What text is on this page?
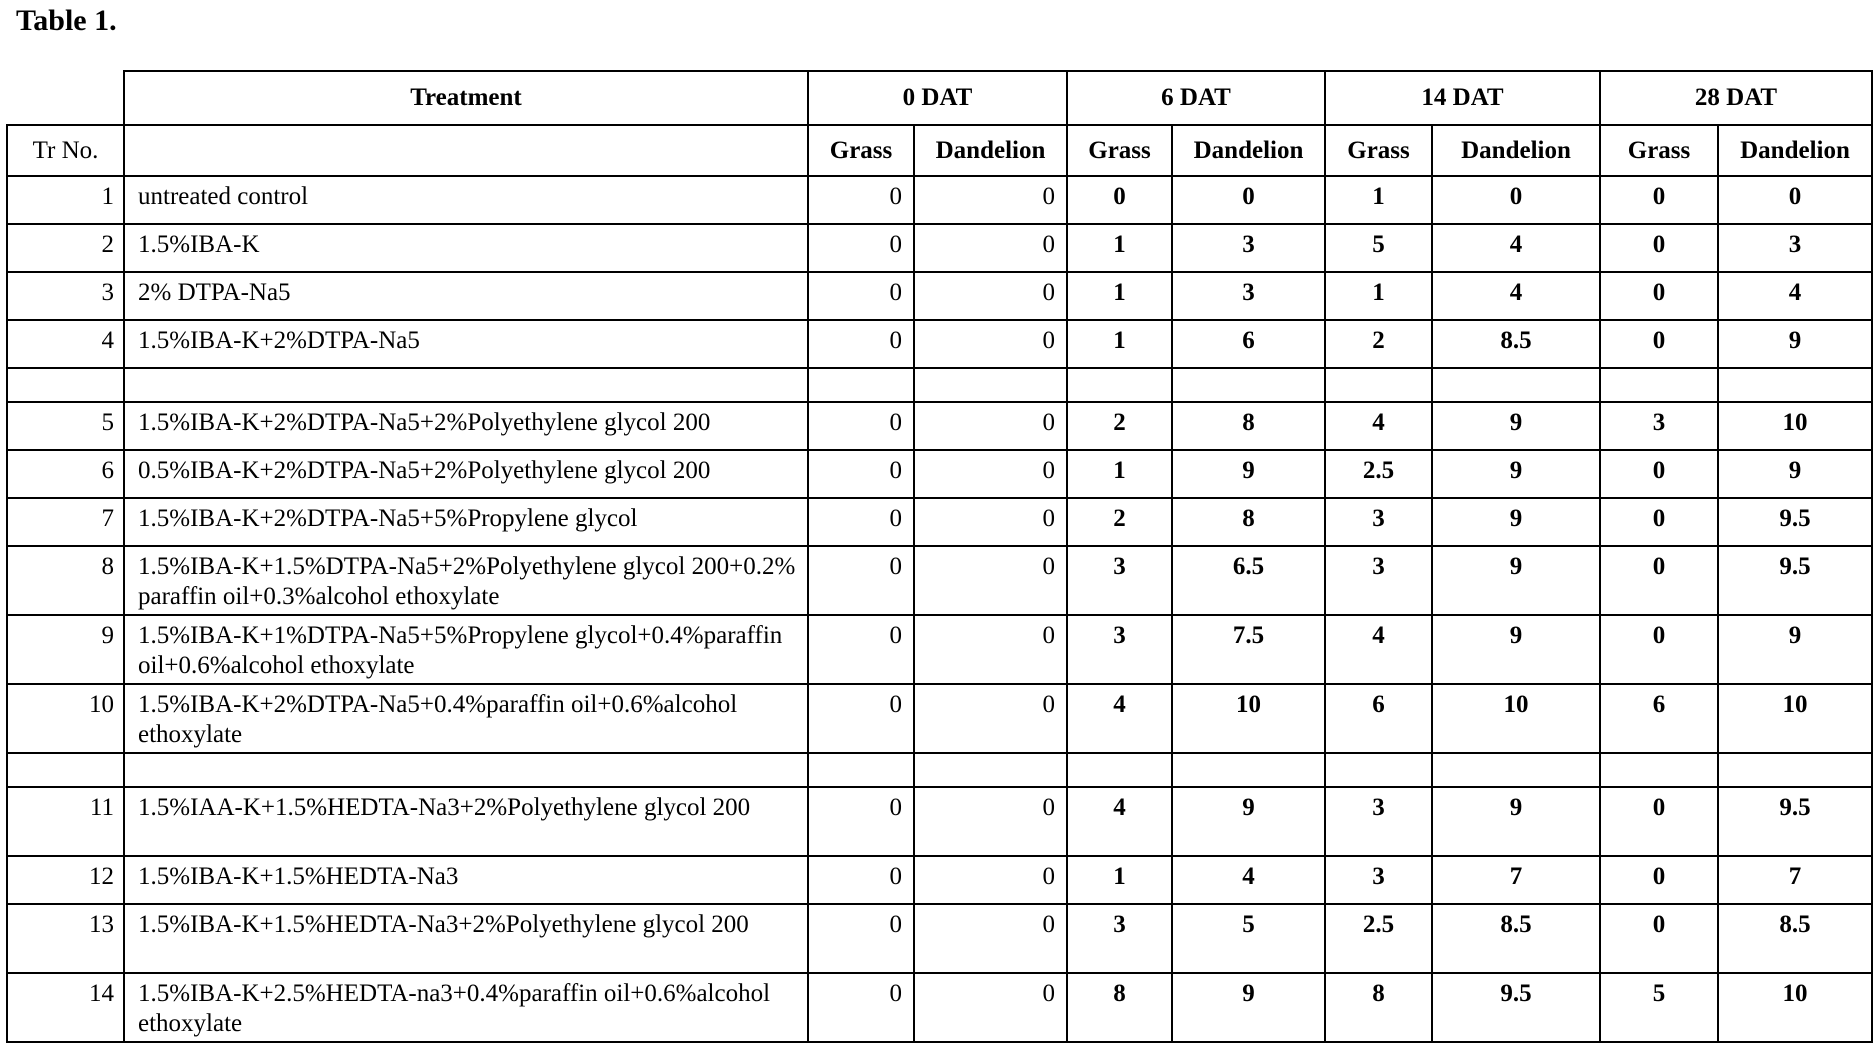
Table 1.
	Treatment	0 DAT		6 DAT		14 DAT		28 DAT	
Tr No.		Grass	Dandelion	Grass	Dandelion	Grass	Dandelion	Grass	Dandelion
1	untreated control	0	0	0	0	1	0	0	0
2	1.5%IBA-K	0	0	1	3	5	4	0	3
3	2% DTPA-Na5	0	0	1	3	1	4	0	4
4	1.5%IBA-K+2%DTPA-Na5	0	0	1	6	2	8.5	0	9

5	1.5%IBA-K+2%DTPA-Na5+2%Polyethylene glycol 200	0	0	2	8	4	9	3	10
6	0.5%IBA-K+2%DTPA-Na5+2%Polyethylene glycol 200	0	0	1	9	2.5	9	0	9
7	1.5%IBA-K+2%DTPA-Na5+5%Propylene glycol	0	0	2	8	3	9	0	9.5
8	1.5%IBA-K+1.5%DTPA-Na5+2%Polyethylene glycol 200+0.2% paraffin oil+0.3%alcohol ethoxylate	0	0	3	6.5	3	9	0	9.5
9	1.5%IBA-K+1%DTPA-Na5+5%Propylene glycol+0.4%paraffin oil+0.6%alcohol ethoxylate	0	0	3	7.5	4	9	0	9
10	1.5%IBA-K+2%DTPA-Na5+0.4%paraffin oil+0.6%alcohol ethoxylate	0	0	4	10	6	10	6	10

11	1.5%IAA-K+1.5%HEDTA-Na3+2%Polyethylene glycol 200	0	0	4	9	3	9	0	9.5
12	1.5%IBA-K+1.5%HEDTA-Na3	0	0	1	4	3	7	0	7
13	1.5%IBA-K+1.5%HEDTA-Na3+2%Polyethylene glycol 200	0	0	3	5	2.5	8.5	0	8.5
14	1.5%IBA-K+2.5%HEDTA-na3+0.4%paraffin oil+0.6%alcohol ethoxylate	0	0	8	9	8	9.5	5	10
